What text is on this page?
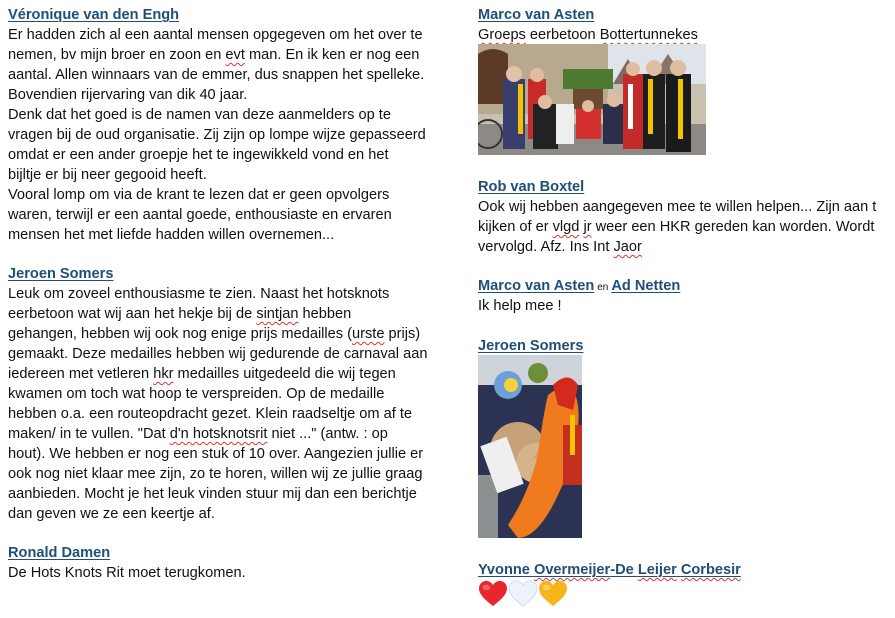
Véronique van den Engh
Er hadden zich al een aantal mensen opgegeven om het over te
nemen, bv mijn broer en zoon en evt man. En ik ken er nog een
aantal. Allen winnaars van de emmer, dus snappen het spelleke.
Bovendien rijervaring van dik 40 jaar.
Denk dat het goed is de namen van deze aanmelders op te
vragen bij de oud organisatie. Zij zijn op lompe wijze gepasseerd
omdat er een ander groepje het te ingewikkeld vond en het
bijltje er bij neer gegooid heeft.
Vooral lomp om via de krant te lezen dat er geen opvolgers
waren, terwijl er een aantal goede, enthousiaste en ervaren
mensen het met liefde hadden willen overnemen...
Jeroen Somers
Leuk om zoveel enthousiasme te zien. Naast het hotsknots
eerbetoon wat wij aan het hekje bij de sintjan hebben
gehangen, hebben wij ook nog enige prijs medailles (urste prijs)
gemaakt. Deze medailles hebben wij gedurende de carnaval aan
iedereen met vetleren hkr medailles uitgedeeld die wij tegen
kwamen om toch wat hoop te verspreiden. Op de medaille
hebben o.a. een routeopdracht gezet. Klein raadseltje om af te
maken/ in te vullen. "Dat d'n hotsknotsrit niet ..." (antw. : op
hout). We hebben er nog een stuk of 10 over. Aangezien jullie er
ook nog niet klaar mee zijn, zo te horen, willen wij ze jullie graag
aanbieden. Mocht je het leuk vinden stuur mij dan een berichtje
dan geven we ze een keertje af.
Ronald Damen
De Hots Knots Rit moet terugkomen.
Marco van Asten
Groeps eerbetoon Bottertunnekes
Rob van Boxtel
Ook wij hebben aangegeven mee te willen helpen... Zijn aan t
kijken of er vlgd jr weer een HKR gereden kan worden. Wordt
vervolgd. Afz. Ins Int Jaor
Marco van Asten en Ad Netten
Ik help mee !
Jeroen Somers
Yvonne Overmeijer-De Leijer Corbesir
